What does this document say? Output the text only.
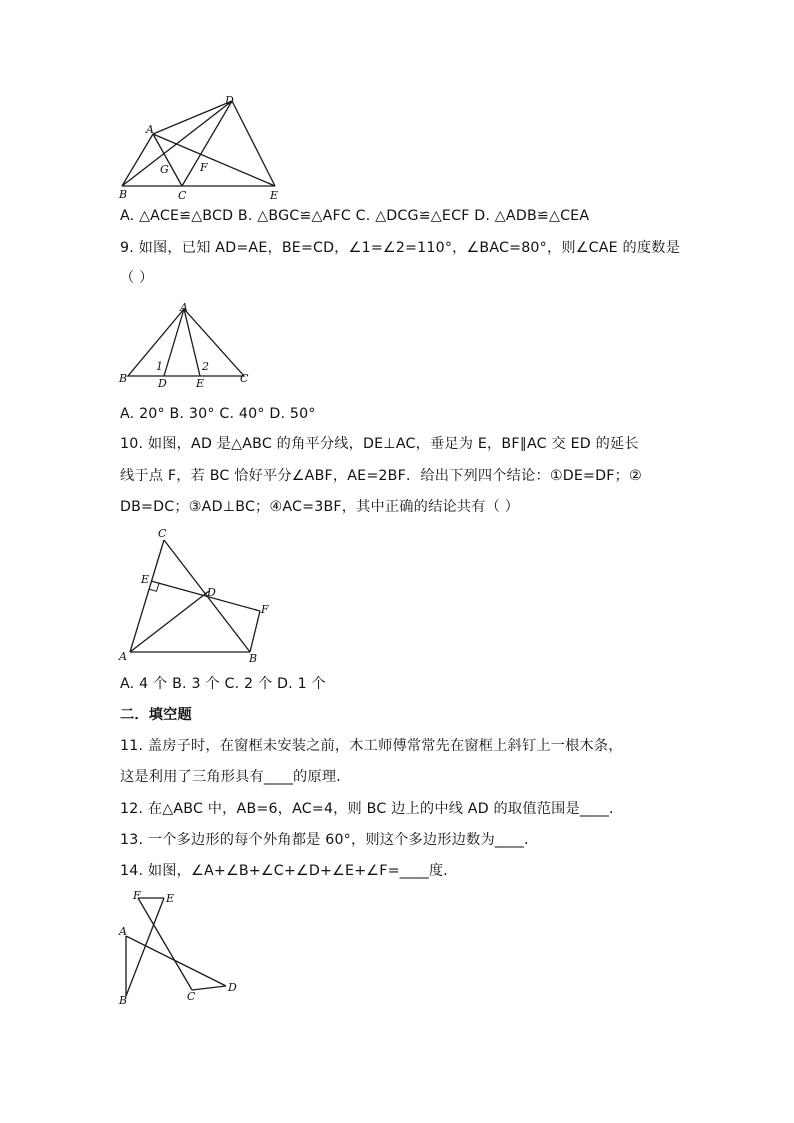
A
D
B	C	E
G	F
A. △ACE≌△BCD B. △BGC≌△AFC C. △DCG≌△ECF D. △ADB≌△CEA
9. 如图，已知 AD=AE，BE=CD，∠1=∠2=110°，∠BAC=80°，则∠CAE 的度数是
（ ）
A
B	C
D	E
1	2
A. 20° B. 30° C. 40° D. 50°
10. 如图，AD 是△ABC 的角平分线，DE⊥AC，垂足为 E，BF∥AC 交 ED 的延长
线于点 F，若 BC 恰好平分∠ABF，AE=2BF．给出下列四个结论：①DE=DF；②
DB=DC；③AD⊥BC；④AC=3BF，其中正确的结论共有（ ）
C
E
D
F
A	B
A. 4 个 B. 3 个 C. 2 个 D. 1 个
二．填空题
11. 盖房子时，在窗框未安装之前，木工师傅常常先在窗框上斜钉上一根木条，
这是利用了三角形具有____的原理．
12. 在△ABC 中，AB=6，AC=4，则 BC 边上的中线 AD 的取值范围是____．
13. 一个多边形的每个外角都是 60°，则这个多边形边数为____．
14. 如图，∠A+∠B+∠C+∠D+∠E+∠F=____度．
F E
A
B	C
D
